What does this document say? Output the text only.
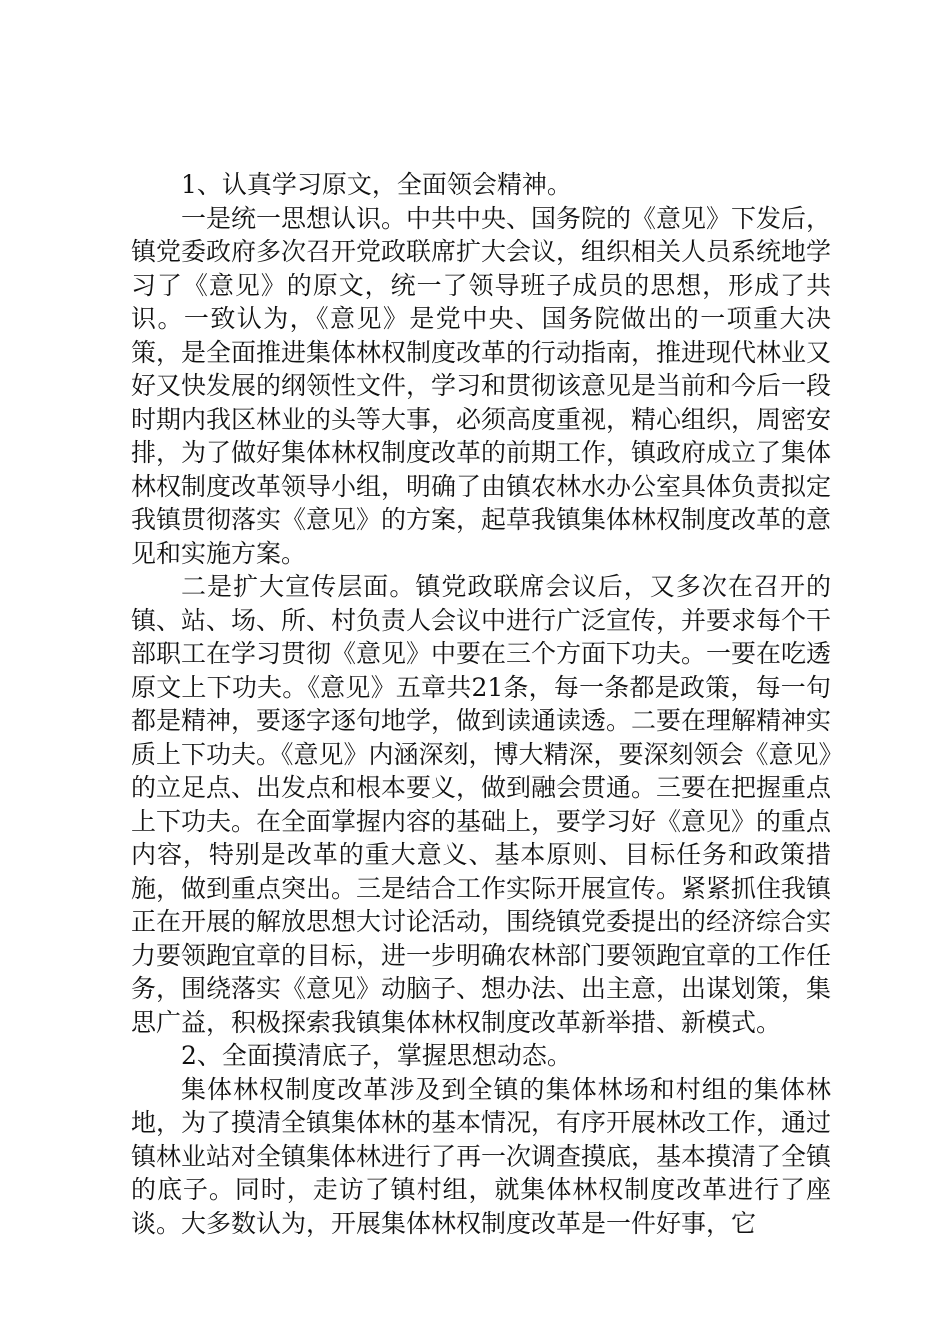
1、认真学习原文，全面领会精神。

一是统一思想认识。中共中央、国务院的《意见》下发后，镇党委政府多次召开党政联席扩大会议，组织相关人员系统地学习了《意见》的原文，统一了领导班子成员的思想，形成了共识。一致认为，《意见》是党中央、国务院做出的一项重大决策，是全面推进集体林权制度改革的行动指南，推进现代林业又好又快发展的纲领性文件，学习和贯彻该意见是当前和今后一段时期内我区林业的头等大事，必须高度重视，精心组织，周密安排，为了做好集体林权制度改革的前期工作，镇政府成立了集体林权制度改革领导小组，明确了由镇农林水办公室具体负责拟定我镇贯彻落实《意见》的方案，起草我镇集体林权制度改革的意见和实施方案。

二是扩大宣传层面。镇党政联席会议后，又多次在召开的镇、站、场、所、村负责人会议中进行广泛宣传，并要求每个干部职工在学习贯彻《意见》中要在三个方面下功夫。一要在吃透原文上下功夫。《意见》五章共21条，每一条都是政策，每一句都是精神，要逐字逐句地学，做到读通读透。二要在理解精神实质上下功夫。《意见》内涵深刻，博大精深，要深刻领会《意见》的立足点、出发点和根本要义，做到融会贯通。三要在把握重点上下功夫。在全面掌握内容的基础上，要学习好《意见》的重点内容，特别是改革的重大意义、基本原则、目标任务和政策措施，做到重点突出。三是结合工作实际开展宣传。紧紧抓住我镇正在开展的解放思想大讨论活动，围绕镇党委提出的经济综合实力要领跑宜章的目标，进一步明确农林部门要领跑宜章的工作任务，围绕落实《意见》动脑子、想办法、出主意，出谋划策，集思广益，积极探索我镇集体林权制度改革新举措、新模式。

2、全面摸清底子，掌握思想动态。

集体林权制度改革涉及到全镇的集体林场和村组的集体林地，为了摸清全镇集体林的基本情况，有序开展林改工作，通过镇林业站对全镇集体林进行了再一次调查摸底，基本摸清了全镇的底子。同时，走访了镇村组，就集体林权制度改革进行了座谈。大多数认为，开展集体林权制度改革是一件好事，它
